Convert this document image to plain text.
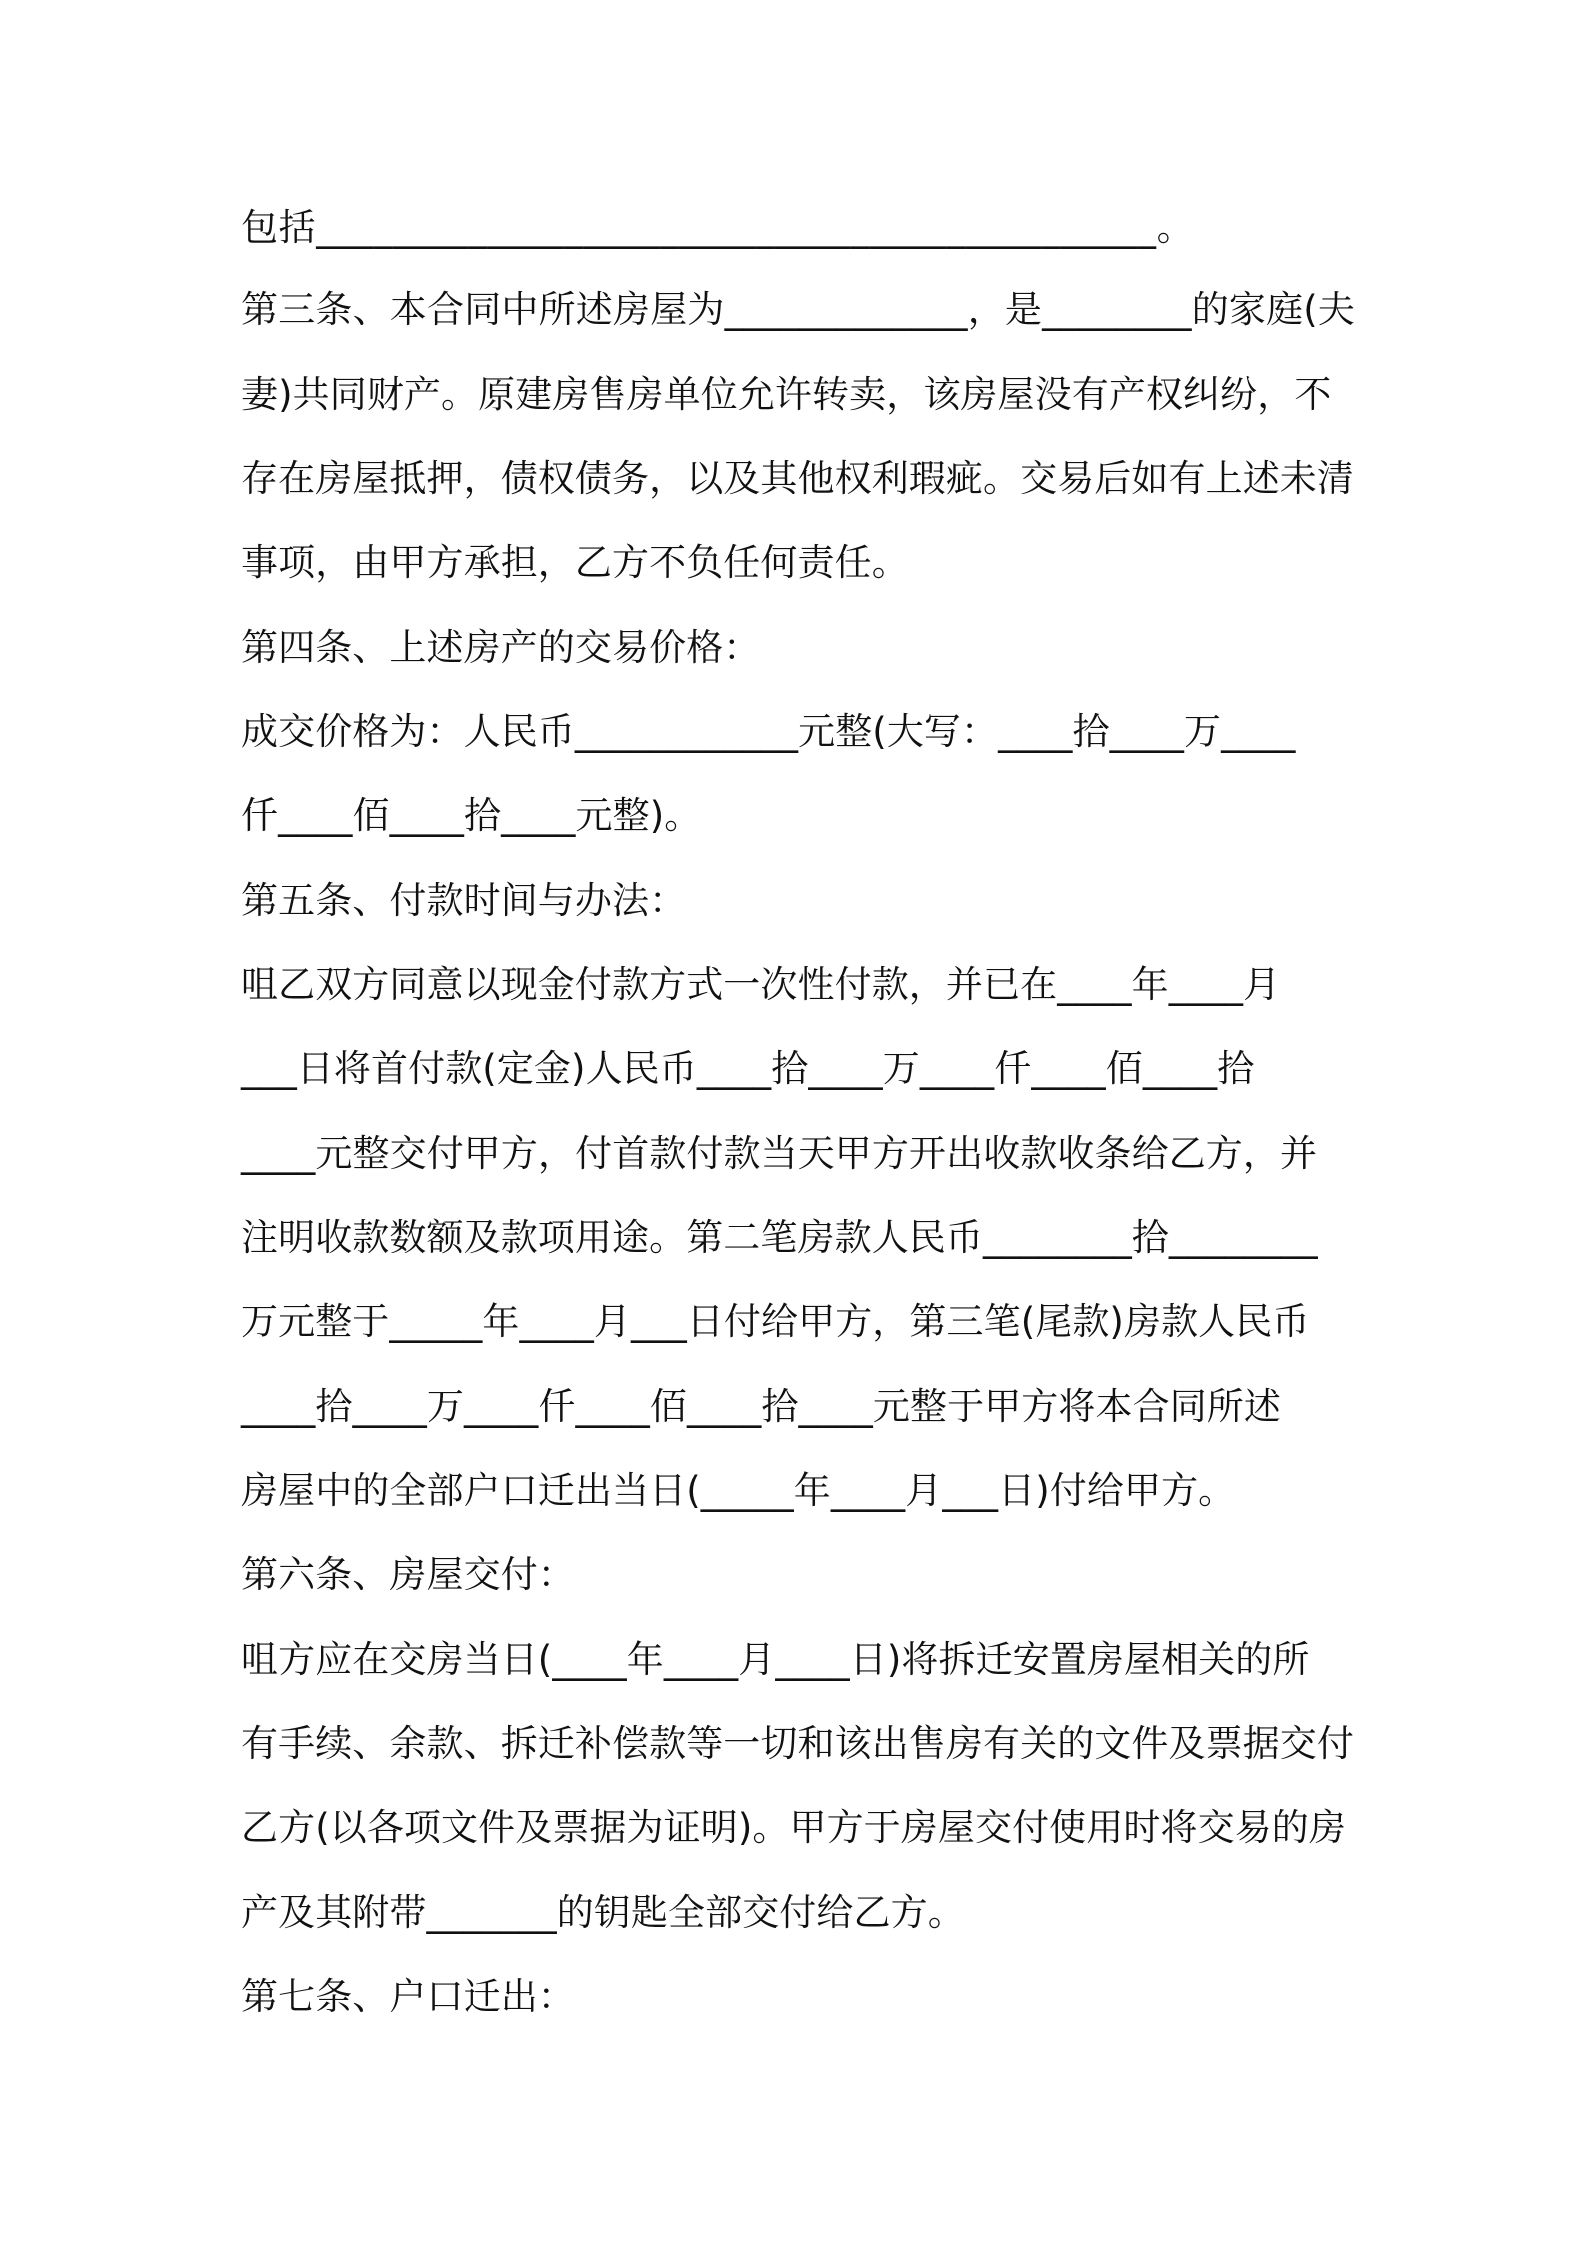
包括____________________________________________。
第三条、本合同中所述房屋为_____________，是________的家庭(夫
妻)共同财产。原建房售房单位允许转卖，该房屋没有产权纠纷，不
存在房屋抵押，债权债务，以及其他权利瑕疵。交易后如有上述未清
事项，由甲方承担，乙方不负任何责任。
第四条、上述房产的交易价格：
成交价格为：人民币____________元整(大写：____拾____万____
仟____佰____拾____元整)。
第五条、付款时间与办法：
咀乙双方同意以现金付款方式一次性付款，并已在____年____月
___日将首付款(定金)人民币____拾____万____仟____佰____拾
____元整交付甲方，付首款付款当天甲方开出收款收条给乙方，并
注明收款数额及款项用途。第二笔房款人民币________拾________
万元整于_____年____月___日付给甲方，第三笔(尾款)房款人民币
____拾____万____仟____佰____拾____元整于甲方将本合同所述
房屋中的全部户口迁出当日(_____年____月___日)付给甲方。
第六条、房屋交付：
咀方应在交房当日(____年____月____日)将拆迁安置房屋相关的所
有手续、余款、拆迁补偿款等一切和该出售房有关的文件及票据交付
乙方(以各项文件及票据为证明)。甲方于房屋交付使用时将交易的房
产及其附带_______的钥匙全部交付给乙方。
第七条、户口迁出：
